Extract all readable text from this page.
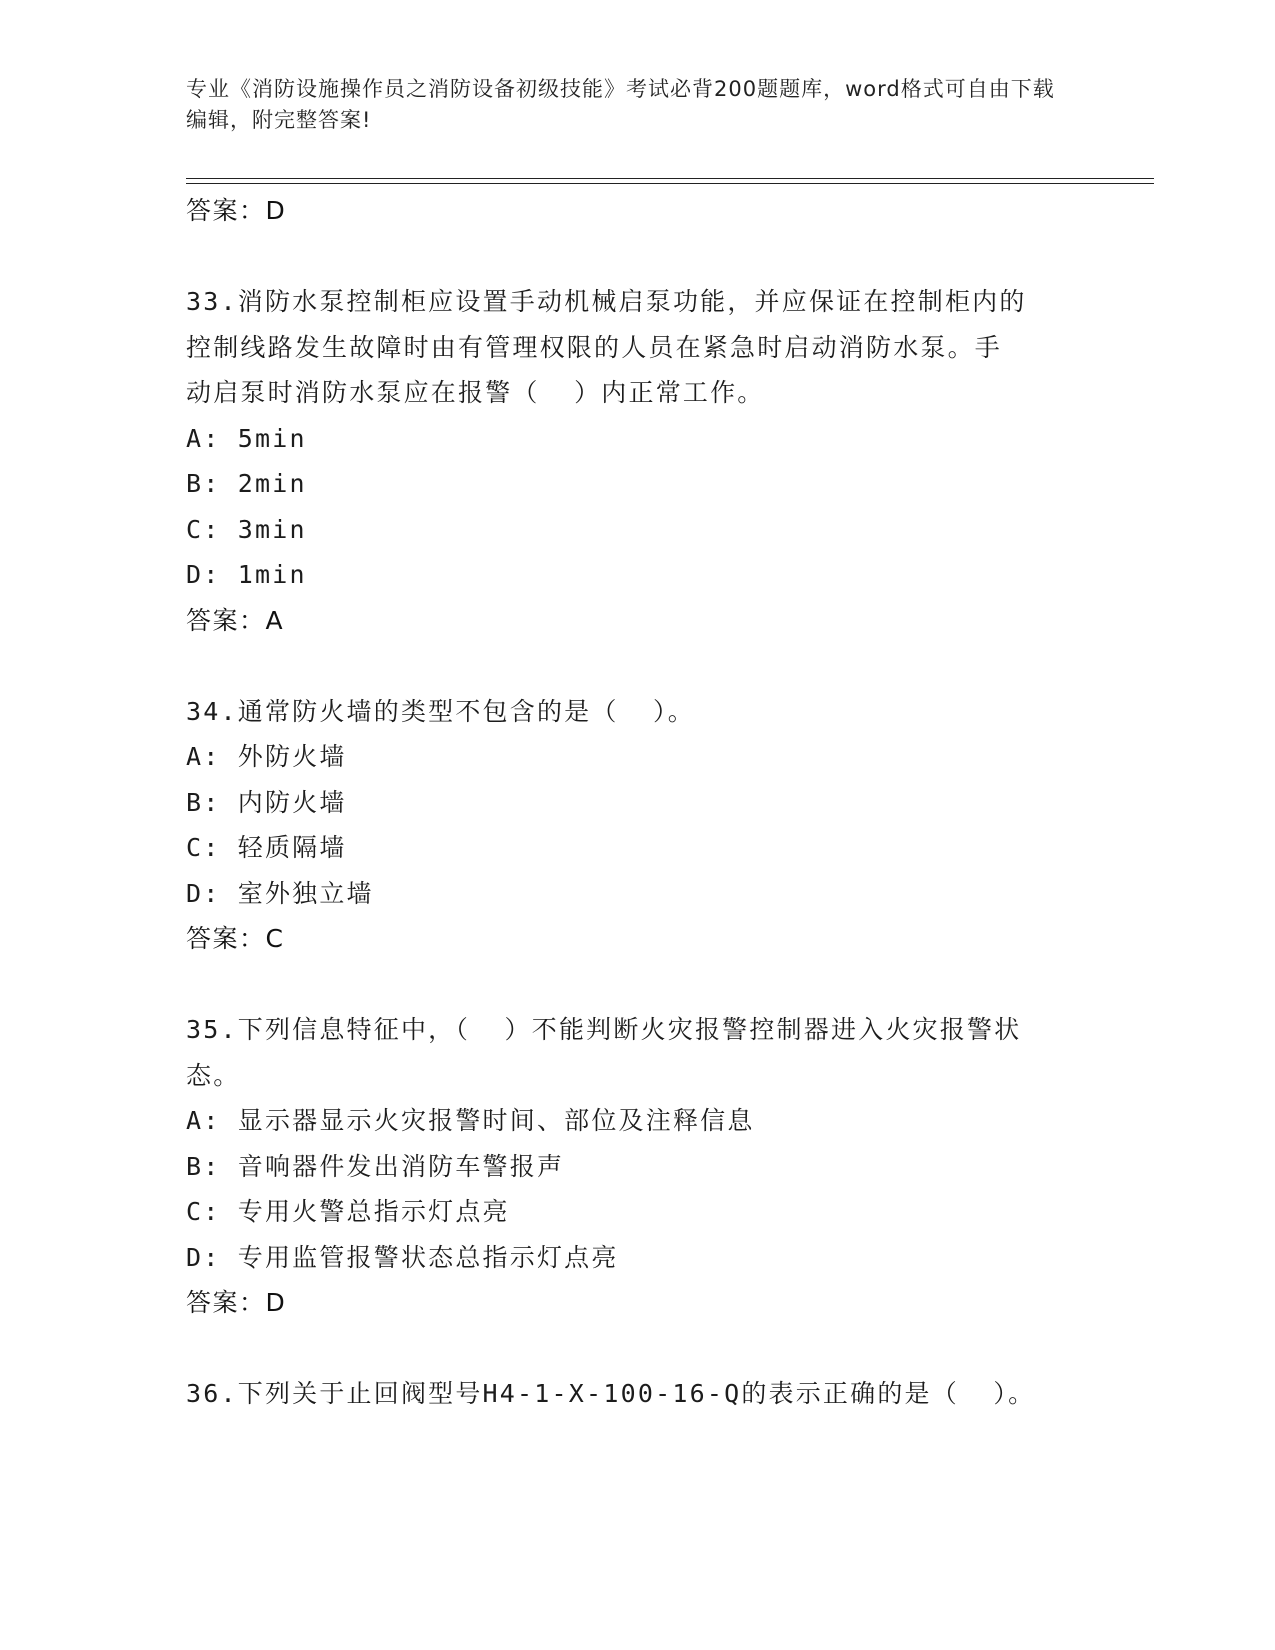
专业《消防设施操作员之消防设备初级技能》考试必背200题题库，word格式可自由下载编辑，附完整答案!
答案：D
33.消防水泵控制柜应设置手动机械启泵功能，并应保证在控制柜内的
控制线路发生故障时由有管理权限的人员在紧急时启动消防水泵。手
动启泵时消防水泵应在报警（  ）内正常工作。
A: 5min
B: 2min
C: 3min
D: 1min
答案：A
34.通常防火墙的类型不包含的是（  ）。
A: 外防火墙
B: 内防火墙
C: 轻质隔墙
D: 室外独立墙
答案：C
35.下列信息特征中，（  ）不能判断火灾报警控制器进入火灾报警状
态。
A: 显示器显示火灾报警时间、部位及注释信息
B: 音响器件发出消防车警报声
C: 专用火警总指示灯点亮
D: 专用监管报警状态总指示灯点亮
答案：D
36.下列关于止回阀型号H4-1-X-100-16-Q的表示正确的是（  ）。
